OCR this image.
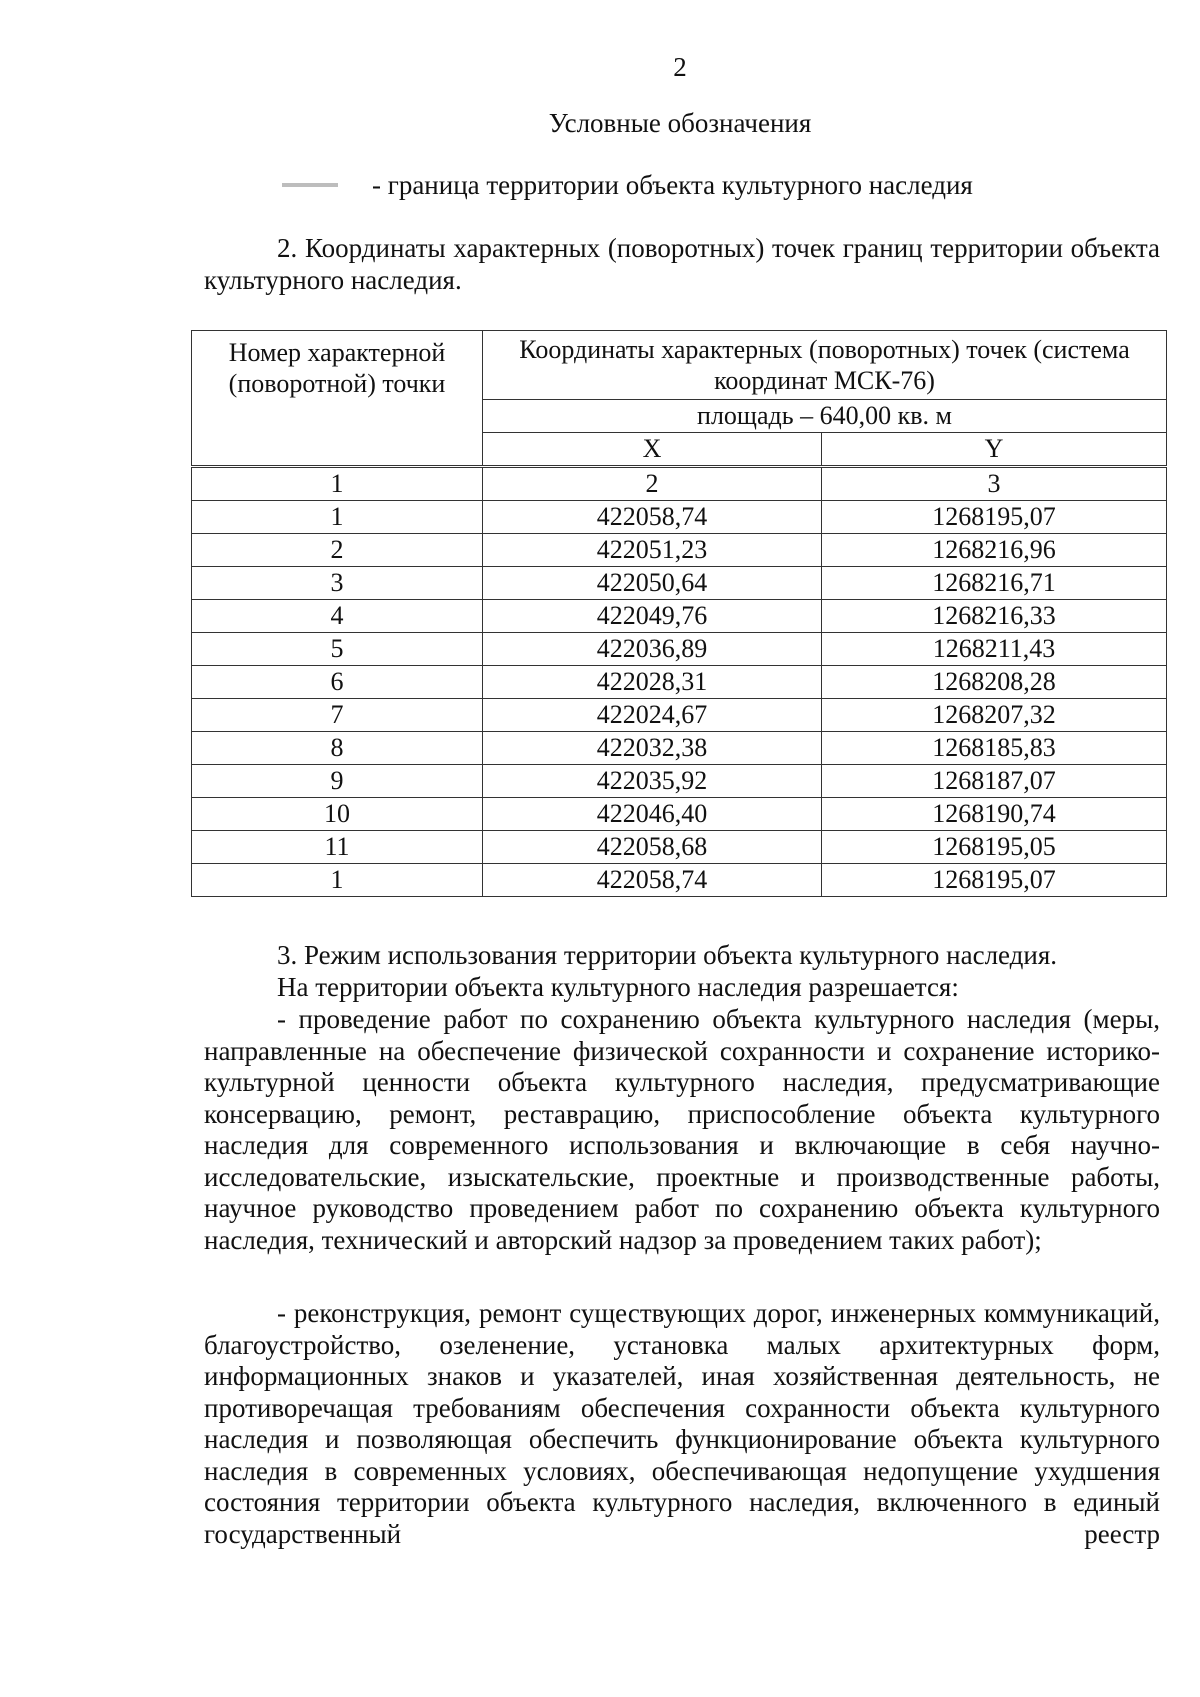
2
Условные обозначения
- граница территории объекта культурного наследия
2. Координаты характерных (поворотных) точек границ территории объекта культурного наследия.
Номер характерной (поворотной) точки	Координаты характерных (поворотных) точек (система координат МСК-76)	
	площадь – 640,00 кв. м	
	X	Y
1	2	3
1	422058,74	1268195,07
2	422051,23	1268216,96
3	422050,64	1268216,71
4	422049,76	1268216,33
5	422036,89	1268211,43
6	422028,31	1268208,28
7	422024,67	1268207,32
8	422032,38	1268185,83
9	422035,92	1268187,07
10	422046,40	1268190,74
11	422058,68	1268195,05
1	422058,74	1268195,07
3. Режим использования территории объекта культурного наследия.
На территории объекта культурного наследия разрешается:
- проведение работ по сохранению объекта культурного наследия (меры, направленные на обеспечение физической сохранности и сохранение историко-культурной ценности объекта культурного наследия, предусматривающие консервацию, ремонт, реставрацию, приспособление объекта культурного наследия для современного использования и включающие в себя научно-исследовательские, изыскательские, проектные и производственные работы, научное руководство проведением работ по сохранению объекта культурного наследия, технический и авторский надзор за проведением таких работ);
- реконструкция, ремонт существующих дорог, инженерных коммуникаций, благоустройство, озеленение, установка малых архитектурных форм, информационных знаков и указателей, иная хозяйственная деятельность, не противоречащая требованиям обеспечения сохранности объекта культурного наследия и позволяющая обеспечить функционирование объекта культурного наследия в современных условиях, обеспечивающая недопущение ухудшения состояния территории объекта культурного наследия, включенного в единый государственный реестр
